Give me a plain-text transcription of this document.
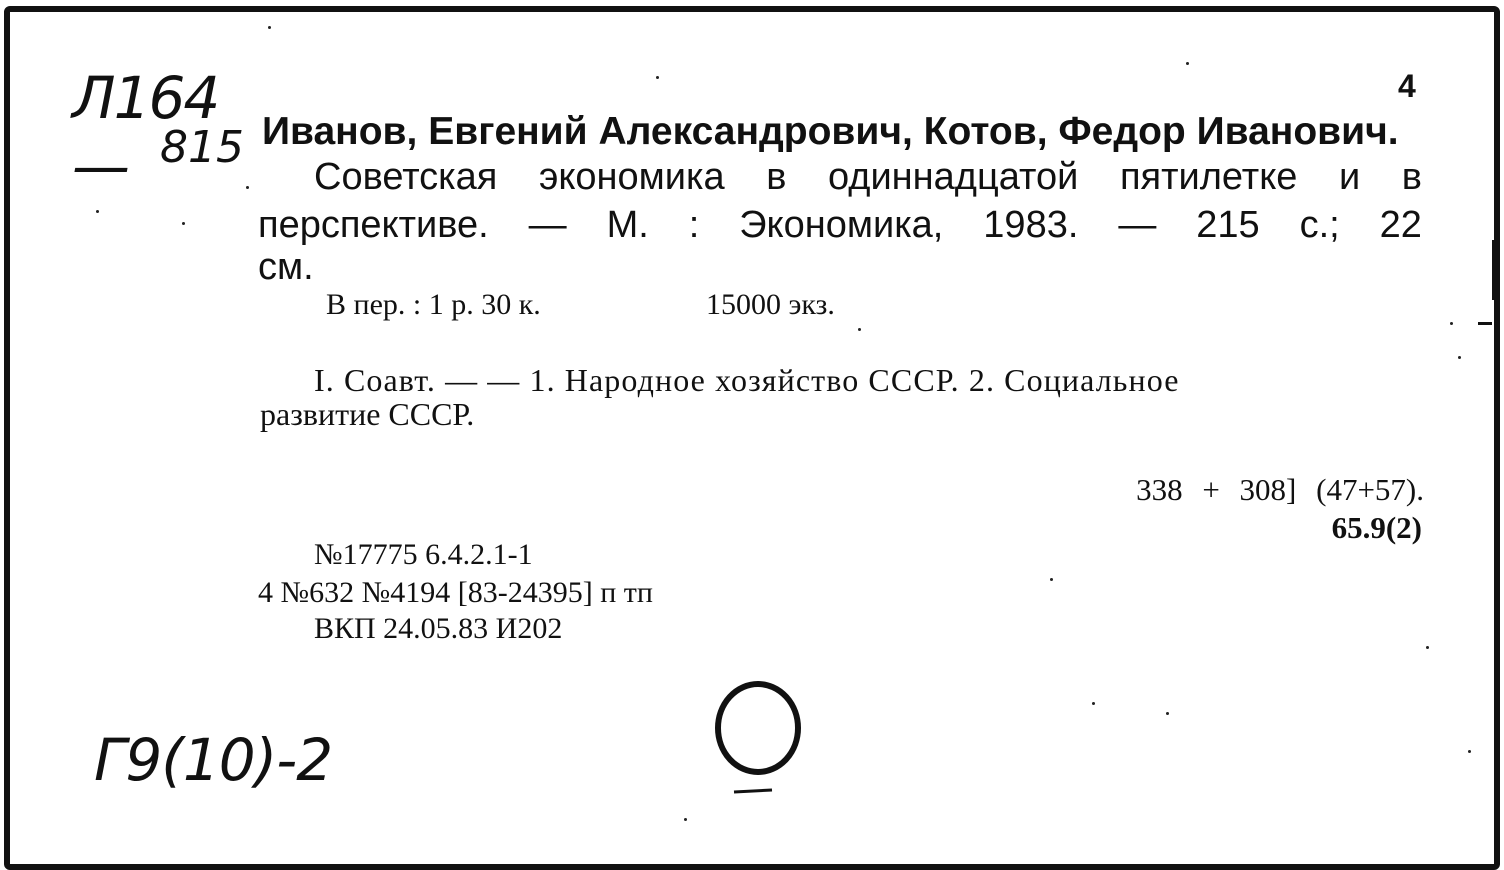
Л164— 815
4
Иванов, Евгений Александрович, Котов, Федор Иванович.
Советская экономика в одиннадцатой пятилетке и в
перспективе. — М. : Экономика, 1983. — 215 с.; 22
см.
В пер. : 1 р. 30 к.	15000 экз.
I. Соавт. — — 1. Народное хозяйство СССР. 2. Социальное
развитие СССР.
338 + 308] (47+57).
65.9(2)
№17775 6.4.2.1-1
4 №632 №4194 [83-24395] п тп
ВКП 24.05.83 И202
Г9(10)-2
